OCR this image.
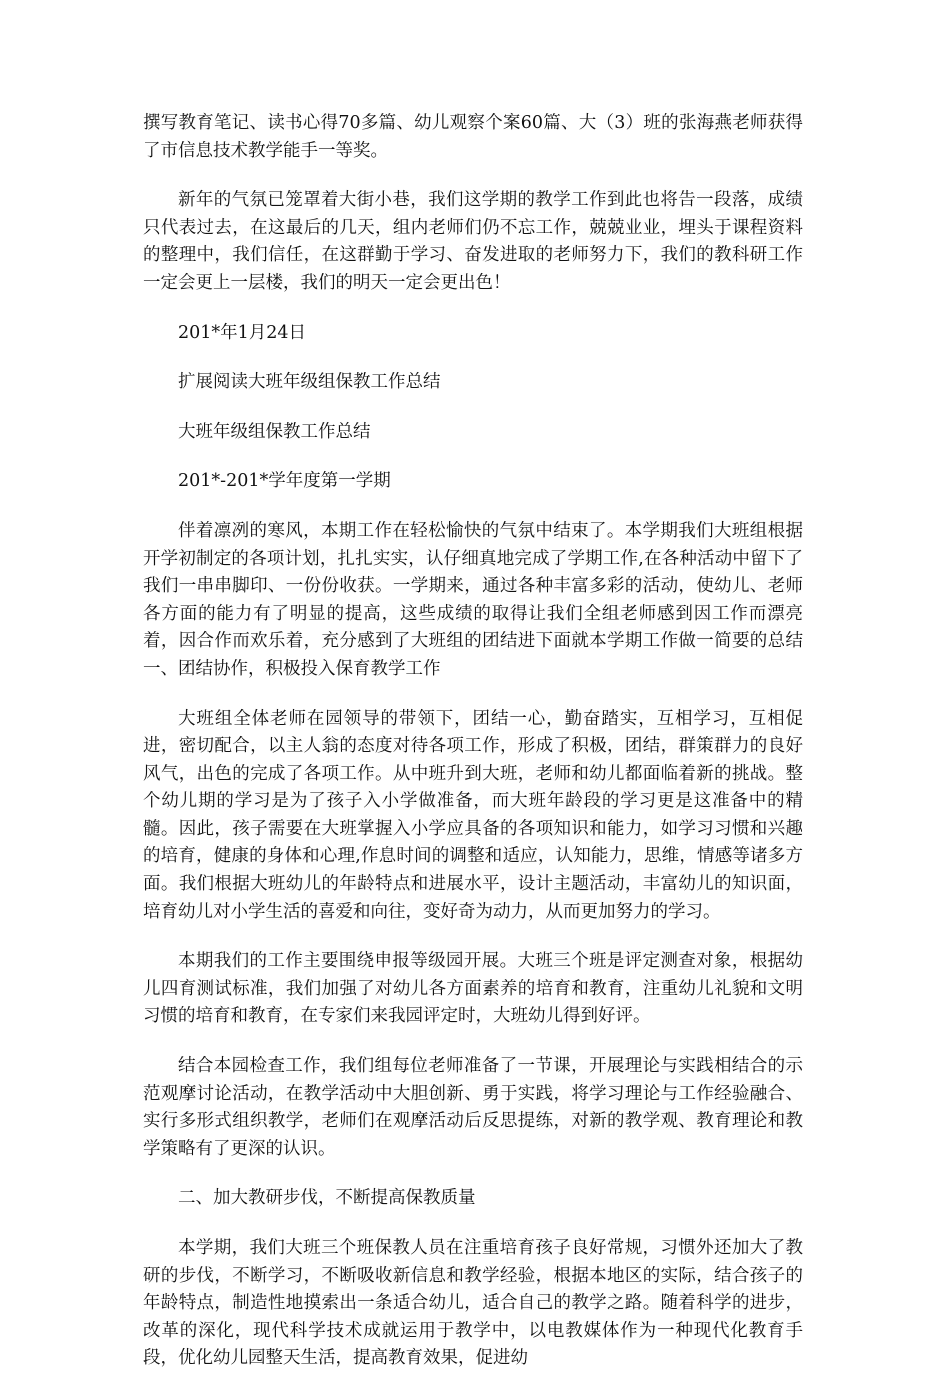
撰写教育笔记、读书心得70多篇、幼儿观察个案60篇、大（3）班的张海燕老师获得了市信息技术教学能手一等奖。

新年的气氛已笼罩着大街小巷，我们这学期的教学工作到此也将告一段落，成绩只代表过去，在这最后的几天，组内老师们仍不忘工作，兢兢业业，埋头于课程资料的整理中，我们信任，在这群勤于学习、奋发进取的老师努力下，我们的教科研工作一定会更上一层楼，我们的明天一定会更出色！

201*年1月24日

扩展阅读大班年级组保教工作总结

大班年级组保教工作总结

201*-201*学年度第一学期

伴着凛冽的寒风，本期工作在轻松愉快的气氛中结束了。本学期我们大班组根据开学初制定的各项计划，扎扎实实，认仔细真地完成了学期工作,在各种活动中留下了我们一串串脚印、一份份收获。一学期来，通过各种丰富多彩的活动，使幼儿、老师各方面的能力有了明显的提高，这些成绩的取得让我们全组老师感到因工作而漂亮着，因合作而欢乐着，充分感到了大班组的团结进下面就本学期工作做一简要的总结一、团结协作，积极投入保育教学工作

大班组全体老师在园领导的带领下，团结一心，勤奋踏实，互相学习，互相促进，密切配合，以主人翁的态度对待各项工作，形成了积极，团结，群策群力的良好风气，出色的完成了各项工作。从中班升到大班，老师和幼儿都面临着新的挑战。整个幼儿期的学习是为了孩子入小学做准备，而大班年龄段的学习更是这准备中的精髓。因此，孩子需要在大班掌握入小学应具备的各项知识和能力，如学习习惯和兴趣的培育，健康的身体和心理,作息时间的调整和适应，认知能力，思维，情感等诸多方面。我们根据大班幼儿的年龄特点和进展水平，设计主题活动，丰富幼儿的知识面，培育幼儿对小学生活的喜爱和向往，变好奇为动力，从而更加努力的学习。

本期我们的工作主要围绕申报等级园开展。大班三个班是评定测查对象，根据幼儿四育测试标准，我们加强了对幼儿各方面素养的培育和教育，注重幼儿礼貌和文明习惯的培育和教育，在专家们来我园评定时，大班幼儿得到好评。

结合本园检查工作，我们组每位老师准备了一节课，开展理论与实践相结合的示范观摩讨论活动，在教学活动中大胆创新、勇于实践，将学习理论与工作经验融合、实行多形式组织教学，老师们在观摩活动后反思提练，对新的教学观、教育理论和教学策略有了更深的认识。

二、加大教研步伐，不断提高保教质量

本学期，我们大班三个班保教人员在注重培育孩子良好常规，习惯外还加大了教研的步伐，不断学习，不断吸收新信息和教学经验，根据本地区的实际，结合孩子的年龄特点，制造性地摸索出一条适合幼儿，适合自己的教学之路。随着科学的进步，改革的深化，现代科学技术成就运用于教学中，以电教媒体作为一种现代化教育手段，优化幼儿园整天生活，提高教育效果，促进幼
